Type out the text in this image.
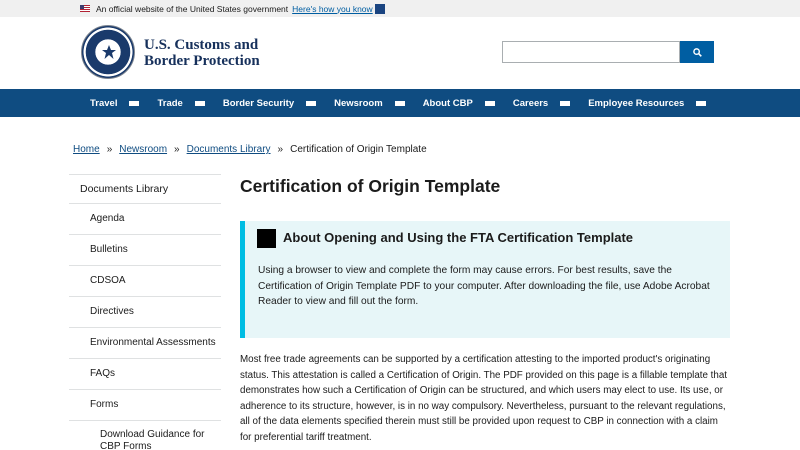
An official website of the United States government Here's how you know
U.S. Customs and
Border Protection
Travel	Trade	Border Security	Newsroom	About CBP	Careers	Employee Resources
Home » Newsroom » Documents Library » Certification of Origin Template
Documents Library
Agenda
Bulletins
CDSOA
Directives
Environmental Assessments
FAQs
Forms
Download Guidance for CBP Forms
Certification of Origin Template
About Opening and Using the FTA Certification Template
Using a browser to view and complete the form may cause errors. For best results, save the Certification of Origin Template PDF to your computer. After downloading the file, use Adobe Acrobat Reader to view and fill out the form.

Most free trade agreements can be supported by a certification attesting to the imported product's originating status. This attestation is called a Certification of Origin. The PDF provided on this page is a fillable template that demonstrates how such a Certification of Origin can be structured, and which users may elect to use. Its use, or adherence to its structure, however, is in no way compulsory. Nevertheless, pursuant to the relevant regulations, all of the data elements specified therein must still be provided upon request to CBP in connection with a claim for preferential tariff treatment.
